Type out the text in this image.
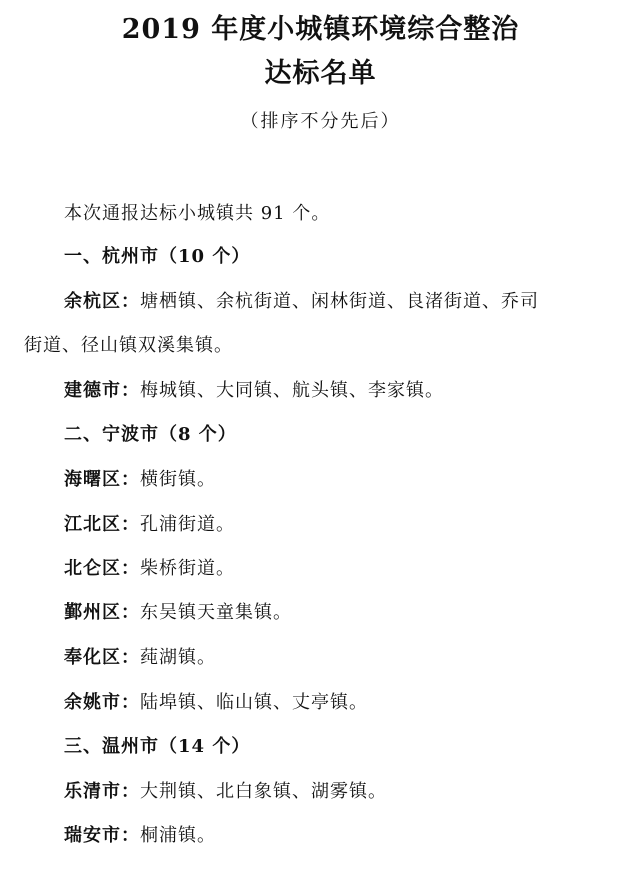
2019 年度小城镇环境综合整治
达标名单
（排序不分先后）
本次通报达标小城镇共 91 个。
一、杭州市（10 个）
余杭区：塘栖镇、余杭街道、闲林街道、良渚街道、乔司
街道、径山镇双溪集镇。
建德市：梅城镇、大同镇、航头镇、李家镇。
二、宁波市（8 个）
海曙区：横街镇。
江北区：孔浦街道。
北仑区：柴桥街道。
鄞州区：东吴镇天童集镇。
奉化区：莼湖镇。
余姚市：陆埠镇、临山镇、丈亭镇。
三、温州市（14 个）
乐清市：大荆镇、北白象镇、湖雾镇。
瑞安市：桐浦镇。
